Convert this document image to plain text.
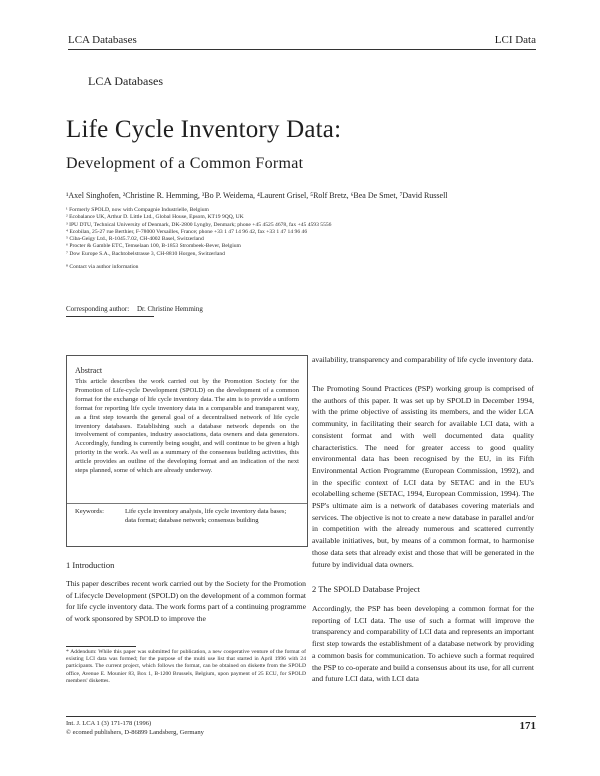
LCA Databases	LCI Data
LCA Databases
Life Cycle Inventory Data:
Development of a Common Format
¹Axel Singhofen, ²Christine R. Hemming, ³Bo P. Weidema, ⁴Laurent Grisel, ⁵Rolf Bretz, ⁶Bea De Smet, ⁷David Russell
¹ Formerly SPOLD, now with Compagnie Industrielle, Belgium
² Ecobalance UK, Arthur D. Little Ltd., Global House, Epsom, KT19 9QQ, UK
³ IPU DTU, Technical University of Denmark, DK-2800 Lyngby, Denmark; phone +45 4525 4678, fax +45 4593 5556
⁴ Ecobilan, 25-27 rue Berthier, F-78000 Versailles, France; phone +33 1 47 14 96 42, fax +33 1 47 14 96 46
⁵ Ciba-Geigy Ltd., R-1045.7.02, CH-4002 Basel, Switzerland
⁶ Procter & Gamble ETC, Temselaan 100, B-1853 Strombeek-Bever, Belgium
⁷ Dow Europe S.A., Bachtobelstrasse 3, CH-8810 Horgen, Switzerland
⁸ Contact via author information
Corresponding author: Dr. Christine Hemming
Abstract
This article describes the work carried out by the Promotion Society for the Promotion of Life-cycle Development (SPOLD) on the development of a common format for the exchange of life cycle inventory data. The aim is to provide a uniform format for reporting life cycle inventory data in a comparable and transparent way, as a first step towards the general goal of a decentralised network of life cycle inventory databases. Establishing such a database network depends on the involvement of companies, industry associations, data owners and data generators. Accordingly, funding is currently being sought, and will continue to be given a high priority in the work. As well as a summary of the consensus building activities, this article provides an outline of the developing format and an indication of the next steps planned, some of which are already underway.
Keywords:	Life cycle inventory analysis, life cycle inventory data bases; data format; database network; consensus building
1 Introduction
This paper describes recent work carried out by the Society for the Promotion of Lifecycle Development (SPOLD) on the development of a common format for life cycle inventory data. The work forms part of a continuing programme of work sponsored by SPOLD to improve the
* Addendum: While this paper was submitted for publication, a new cooperative venture of the format of existing LCI data was formed; for the purpose of the multi use list that started in April 1996 with 24 participants. The current project, which follows the format, can be obtained on diskette from the SPOLD office, Avenue E. Mounier 83, Box 1, B-1200 Brussels, Belgium, upon payment of 25 ECU, for SPOLD members' diskettes.
availability, transparency and comparability of life cycle inventory data.
The Promoting Sound Practices (PSP) working group is comprised of the authors of this paper. It was set up by SPOLD in December 1994, with the prime objective of assisting its members, and the wider LCA community, in facilitating their search for available LCI data, with a consistent format and with well documented data quality characteristics. The need for greater access to good quality environmental data has been recognised by the EU, in its Fifth Environmental Action Programme (European Commission, 1992), and in the specific context of LCI data by SETAC and in the EU's ecolabelling scheme (SETAC, 1994, European Commission, 1994). The PSP's ultimate aim is a network of databases covering materials and services. The objective is not to create a new database in parallel and/or in competition with the already numerous and scattered currently available initiatives, but, by means of a common format, to harmonise those data sets that already exist and those that will be generated in the future by individual data owners.
2 The SPOLD Database Project
Accordingly, the PSP has been developing a common format for the reporting of LCI data. The use of such a format will improve the transparency and comparability of LCI data and represents an important first step towards the establishment of a database network by providing a common basis for communication. To achieve such a format required the PSP to co-operate and build a consensus about its use, for all current and future LCI data, with LCI data
Int. J. LCA 1 (3) 171-178 (1996)
© ecomed publishers, D-86899 Landsberg, Germany
171
